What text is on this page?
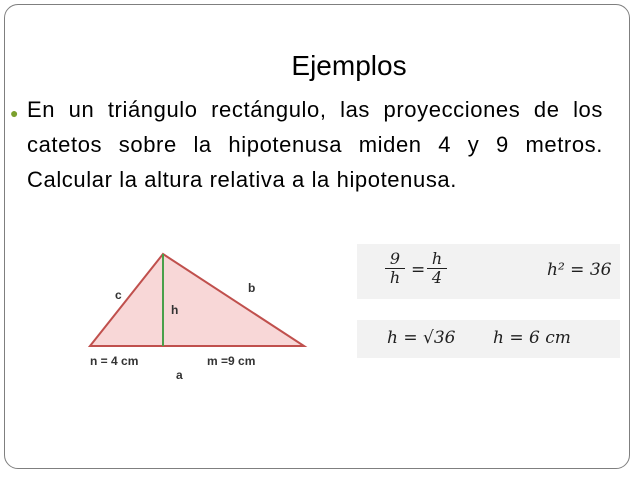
Ejemplos
● En un triángulo rectángulo, las proyecciones de los catetos sobre la hipotenusa miden 4 y 9 metros. Calcular la altura relativa a la hipotenusa.
c	b
h
n = 4 cm	m =9 cm
a
$\frac{9}{h} = \frac{h}{4}$	h² = 36
h = √36 h = 6 cm
